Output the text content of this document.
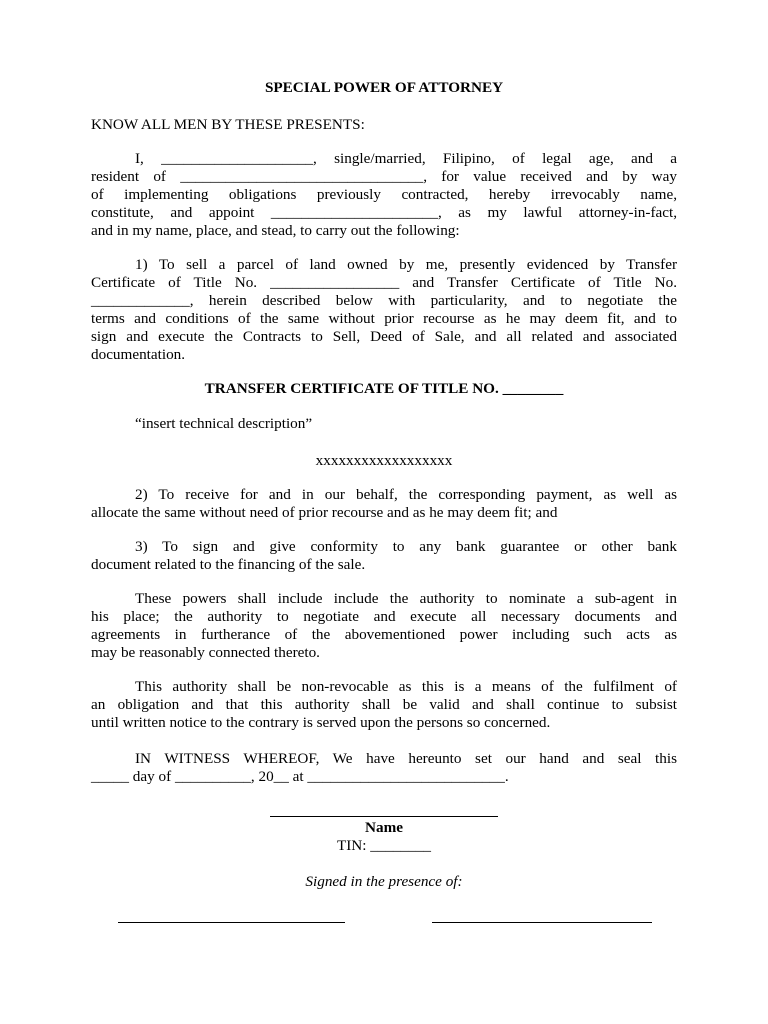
SPECIAL POWER OF ATTORNEY
KNOW ALL MEN BY THESE PRESENTS:
I, ____________________, single/married, Filipino, of legal age, and a
resident of ________________________________, for value received and by way
of implementing obligations previously contracted, hereby irrevocably name,
constitute, and appoint ______________________, as my lawful attorney-in-fact,
and in my name, place, and stead, to carry out the following:
1) To sell a parcel of land owned by me, presently evidenced by Transfer
Certificate of Title No. _________________ and Transfer Certificate of Title No.
_____________, herein described below with particularity, and to negotiate the
terms and conditions of the same without prior recourse as he may deem fit, and to
sign and execute the Contracts to Sell, Deed of Sale, and all related and associated
documentation.
TRANSFER CERTIFICATE OF TITLE NO. ________
“insert technical description”
xxxxxxxxxxxxxxxxxx
2) To receive for and in our behalf, the corresponding payment, as well as
allocate the same without need of prior recourse and as he may deem fit; and
3) To sign and give conformity to any bank guarantee or other bank
document related to the financing of the sale.
These powers shall include include the authority to nominate a sub-agent in
his place; the authority to negotiate and execute all necessary documents and
agreements in furtherance of the abovementioned power including such acts as
may be reasonably connected thereto.
This authority shall be non-revocable as this is a means of the fulfilment of
an obligation and that this authority shall be valid and shall continue to subsist
until written notice to the contrary is served upon the persons so concerned.
IN WITNESS WHEREOF, We have hereunto set our hand and seal this
_____ day of __________, 20__ at __________________________.
Name
TIN: ________
Signed in the presence of:
